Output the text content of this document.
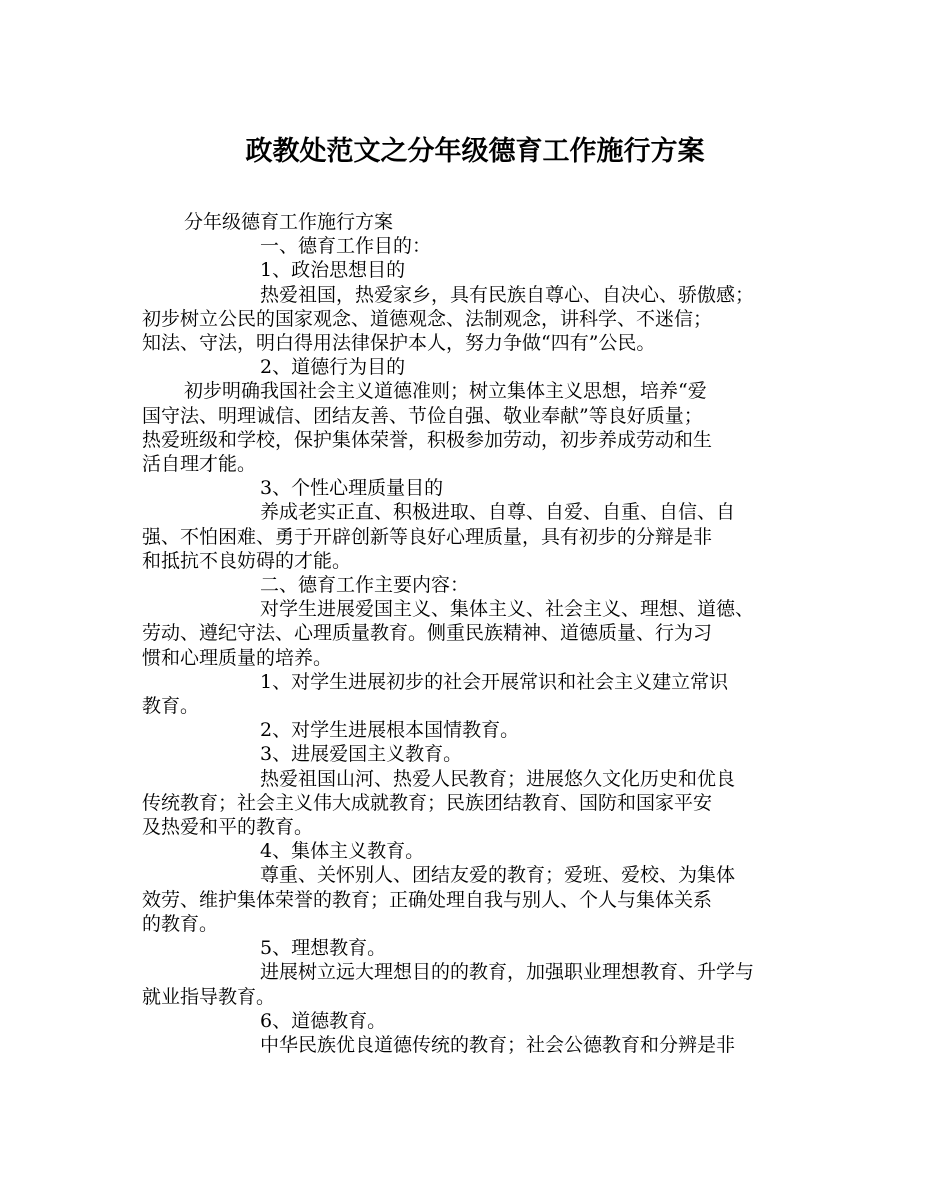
政教处范文之分年级德育工作施行方案
分年级德育工作施行方案
一、德育工作目的：
1、政治思想目的
热爱祖国，热爱家乡，具有民族自尊心、自决心、骄傲感；
初步树立公民的国家观念、道德观念、法制观念，讲科学、不迷信；
知法、守法，明白得用法律保护本人，努力争做“四有”公民。
2、道德行为目的
初步明确我国社会主义道德准则；树立集体主义思想，培养“爱
国守法、明理诚信、团结友善、节俭自强、敬业奉献”等良好质量；
热爱班级和学校，保护集体荣誉，积极参加劳动，初步养成劳动和生
活自理才能。
3、个性心理质量目的
养成老实正直、积极进取、自尊、自爱、自重、自信、自
强、不怕困难、勇于开辟创新等良好心理质量，具有初步的分辩是非
和抵抗不良妨碍的才能。
二、德育工作主要内容：
对学生进展爱国主义、集体主义、社会主义、理想、道德、
劳动、遵纪守法、心理质量教育。侧重民族精神、道德质量、行为习
惯和心理质量的培养。
1、对学生进展初步的社会开展常识和社会主义建立常识
教育。
2、对学生进展根本国情教育。
3、进展爱国主义教育。
热爱祖国山河、热爱人民教育；进展悠久文化历史和优良
传统教育；社会主义伟大成就教育；民族团结教育、国防和国家平安
及热爱和平的教育。
4、集体主义教育。
尊重、关怀别人、团结友爱的教育；爱班、爱校、为集体
效劳、维护集体荣誉的教育；正确处理自我与别人、个人与集体关系
的教育。
5、理想教育。
进展树立远大理想目的的教育，加强职业理想教育、升学与
就业指导教育。
6、道德教育。
中华民族优良道德传统的教育；社会公德教育和分辨是非
